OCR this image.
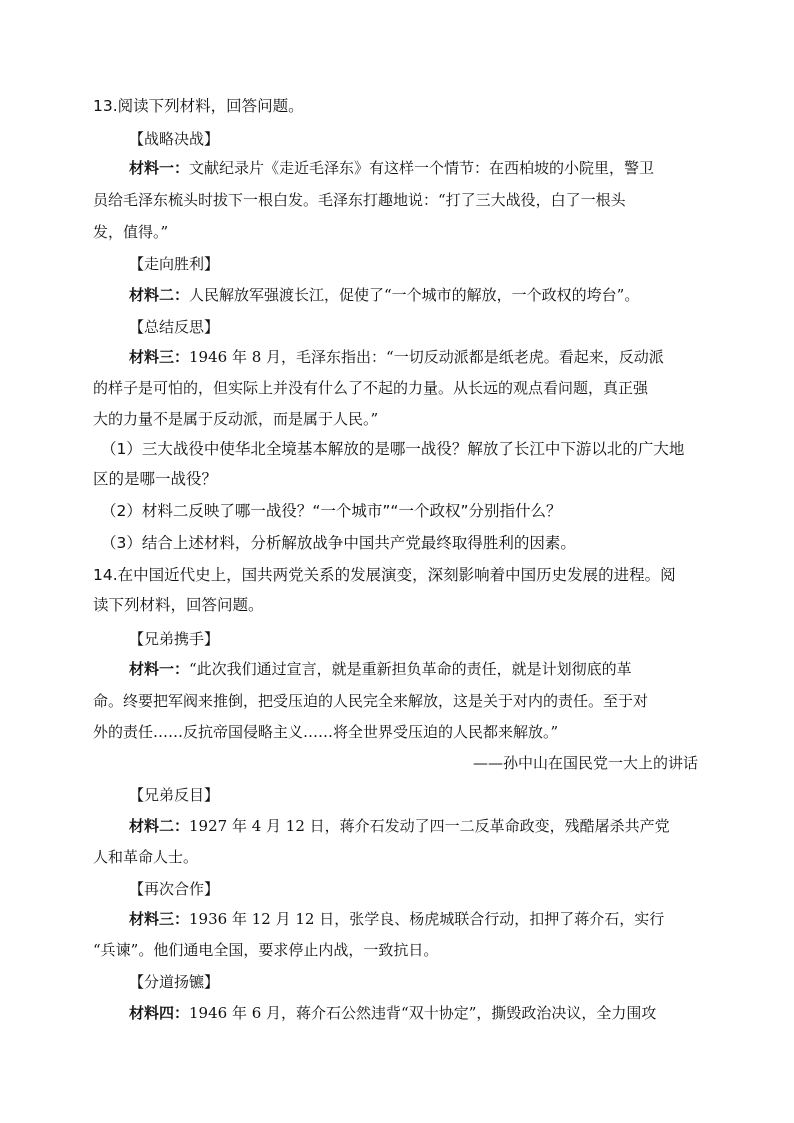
13.阅读下列材料，回答问题。
【战略决战】
材料一：文献纪录片《走近毛泽东》有这样一个情节：在西柏坡的小院里，警卫
员给毛泽东梳头时拔下一根白发。毛泽东打趣地说：“打了三大战役，白了一根头
发，值得。”
【走向胜利】
材料二：人民解放军强渡长江，促使了“一个城市的解放，一个政权的垮台”。
【总结反思】
材料三：1946 年 8 月，毛泽东指出：“一切反动派都是纸老虎。看起来，反动派
的样子是可怕的，但实际上并没有什么了不起的力量。从长远的观点看问题，真正强
大的力量不是属于反动派，而是属于人民。”
（1）三大战役中使华北全境基本解放的是哪一战役？解放了长江中下游以北的广大地
区的是哪一战役？
（2）材料二反映了哪一战役？“一个城市”“一个政权”分别指什么？
（3）结合上述材料，分析解放战争中国共产党最终取得胜利的因素。
14.在中国近代史上，国共两党关系的发展演变，深刻影响着中国历史发展的进程。阅
读下列材料，回答问题。
【兄弟携手】
材料一：“此次我们通过宣言，就是重新担负革命的责任，就是计划彻底的革
命。终要把军阀来推倒，把受压迫的人民完全来解放，这是关于对内的责任。至于对
外的责任……反抗帝国侵略主义……将全世界受压迫的人民都来解放。”
——孙中山在国民党一大上的讲话
【兄弟反目】
材料二：1927 年 4 月 12 日，蒋介石发动了四一二反革命政变，残酷屠杀共产党
人和革命人士。
【再次合作】
材料三：1936 年 12 月 12 日，张学良、杨虎城联合行动，扣押了蒋介石，实行
“兵谏”。他们通电全国，要求停止内战，一致抗日。
【分道扬镳】
材料四：1946 年 6 月，蒋介石公然违背“双十协定”，撕毁政治决议，全力围攻
